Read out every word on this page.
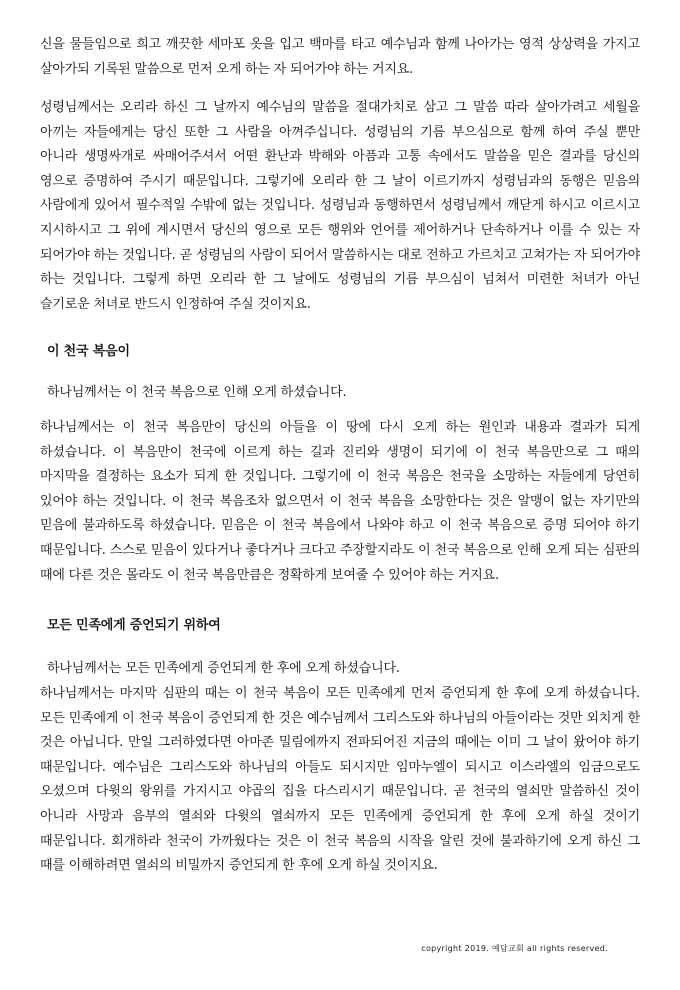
신을 물들임으로 희고 깨끗한 세마포 옷을 입고 백마를 타고 예수님과 함께 나아가는 영적 상상력을 가지고 살아가되 기록된 말씀으로 먼저 오게 하는 자 되어가야 하는 거지요.

성령님께서는 오리라 하신 그 날까지 예수님의 말씀을 절대가치로 삼고 그 말씀 따라 살아가려고 세월을 아끼는 자들에게는 당신 또한 그 사람을 아껴주십니다. 성령님의 기름 부으심으로 함께 하여 주실 뿐만 아니라 생명싸개로 싸매어주셔서 어떤 환난과 박해와 아픔과 고통 속에서도 말씀을 믿은 결과를 당신의 영으로 증명하여 주시기 때문입니다. 그렇기에 오리라 한 그 날이 이르기까지 성령님과의 동행은 믿음의 사람에게 있어서 필수적일 수밖에 없는 것입니다. 성령님과 동행하면서 성령님께서 깨닫게 하시고 이르시고 지시하시고 그 위에 계시면서 당신의 영으로 모든 행위와 언어를 제어하거나 단속하거나 이를 수 있는 자 되어가야 하는 것입니다. 곧 성령님의 사람이 되어서 말씀하시는 대로 전하고 가르치고 고쳐가는 자 되어가야 하는 것입니다. 그렇게 하면 오리라 한 그 날에도 성령님의 기름 부으심이 넘쳐서 미련한 처녀가 아닌 슬기로운 처녀로 반드시 인정하여 주실 것이지요.

이 천국 복음이

하나님께서는 이 천국 복음으로 인해 오게 하셨습니다.

하나님께서는 이 천국 복음만이 당신의 아들을 이 땅에 다시 오게 하는 원인과 내용과 결과가 되게 하셨습니다. 이 복음만이 천국에 이르게 하는 길과 진리와 생명이 되기에 이 천국 복음만으로 그 때의 마지막을 결정하는 요소가 되게 한 것입니다. 그렇기에 이 천국 복음은 천국을 소망하는 자들에게 당연히 있어야 하는 것입니다. 이 천국 복음조차 없으면서 이 천국 복음을 소망한다는 것은 알맹이 없는 자기만의 믿음에 불과하도록 하셨습니다. 믿음은 이 천국 복음에서 나와야 하고 이 천국 복음으로 증명 되어야 하기 때문입니다. 스스로 믿음이 있다거나 좋다거나 크다고 주장할지라도 이 천국 복음으로 인해 오게 되는 심판의 때에 다른 것은 몰라도 이 천국 복음만큼은 정확하게 보여줄 수 있어야 하는 거지요.

모든 민족에게 증언되기 위하여

하나님께서는 모든 민족에게 증언되게 한 후에 오게 하셨습니다.

하나님께서는 마지막 심판의 때는 이 천국 복음이 모든 민족에게 먼저 증언되게 한 후에 오게 하셨습니다. 모든 민족에게 이 천국 복음이 증언되게 한 것은 예수님께서 그리스도와 하나님의 아들이라는 것만 외치게 한 것은 아닙니다. 만일 그러하였다면 아마존 밀림에까지 전파되어진 지금의 때에는 이미 그 날이 왔어야 하기 때문입니다. 예수님은 그리스도와 하나님의 아들도 되시지만 임마누엘이 되시고 이스라엘의 임금으로도 오셨으며 다윗의 왕위를 가지시고 야곱의 집을 다스리시기 때문입니다. 곧 천국의 열쇠만 말씀하신 것이 아니라 사망과 음부의 열쇠와 다윗의 열쇠까지 모든 민족에게 증언되게 한 후에 오게 하실 것이기 때문입니다. 회개하라 천국이 가까웠다는 것은 이 천국 복음의 시작을 알린 것에 불과하기에 오게 하신 그 때를 이해하려면 열쇠의 비밀까지 증언되게 한 후에 오게 하실 것이지요.

copyright 2019. 예담교회 all rights reserved.
